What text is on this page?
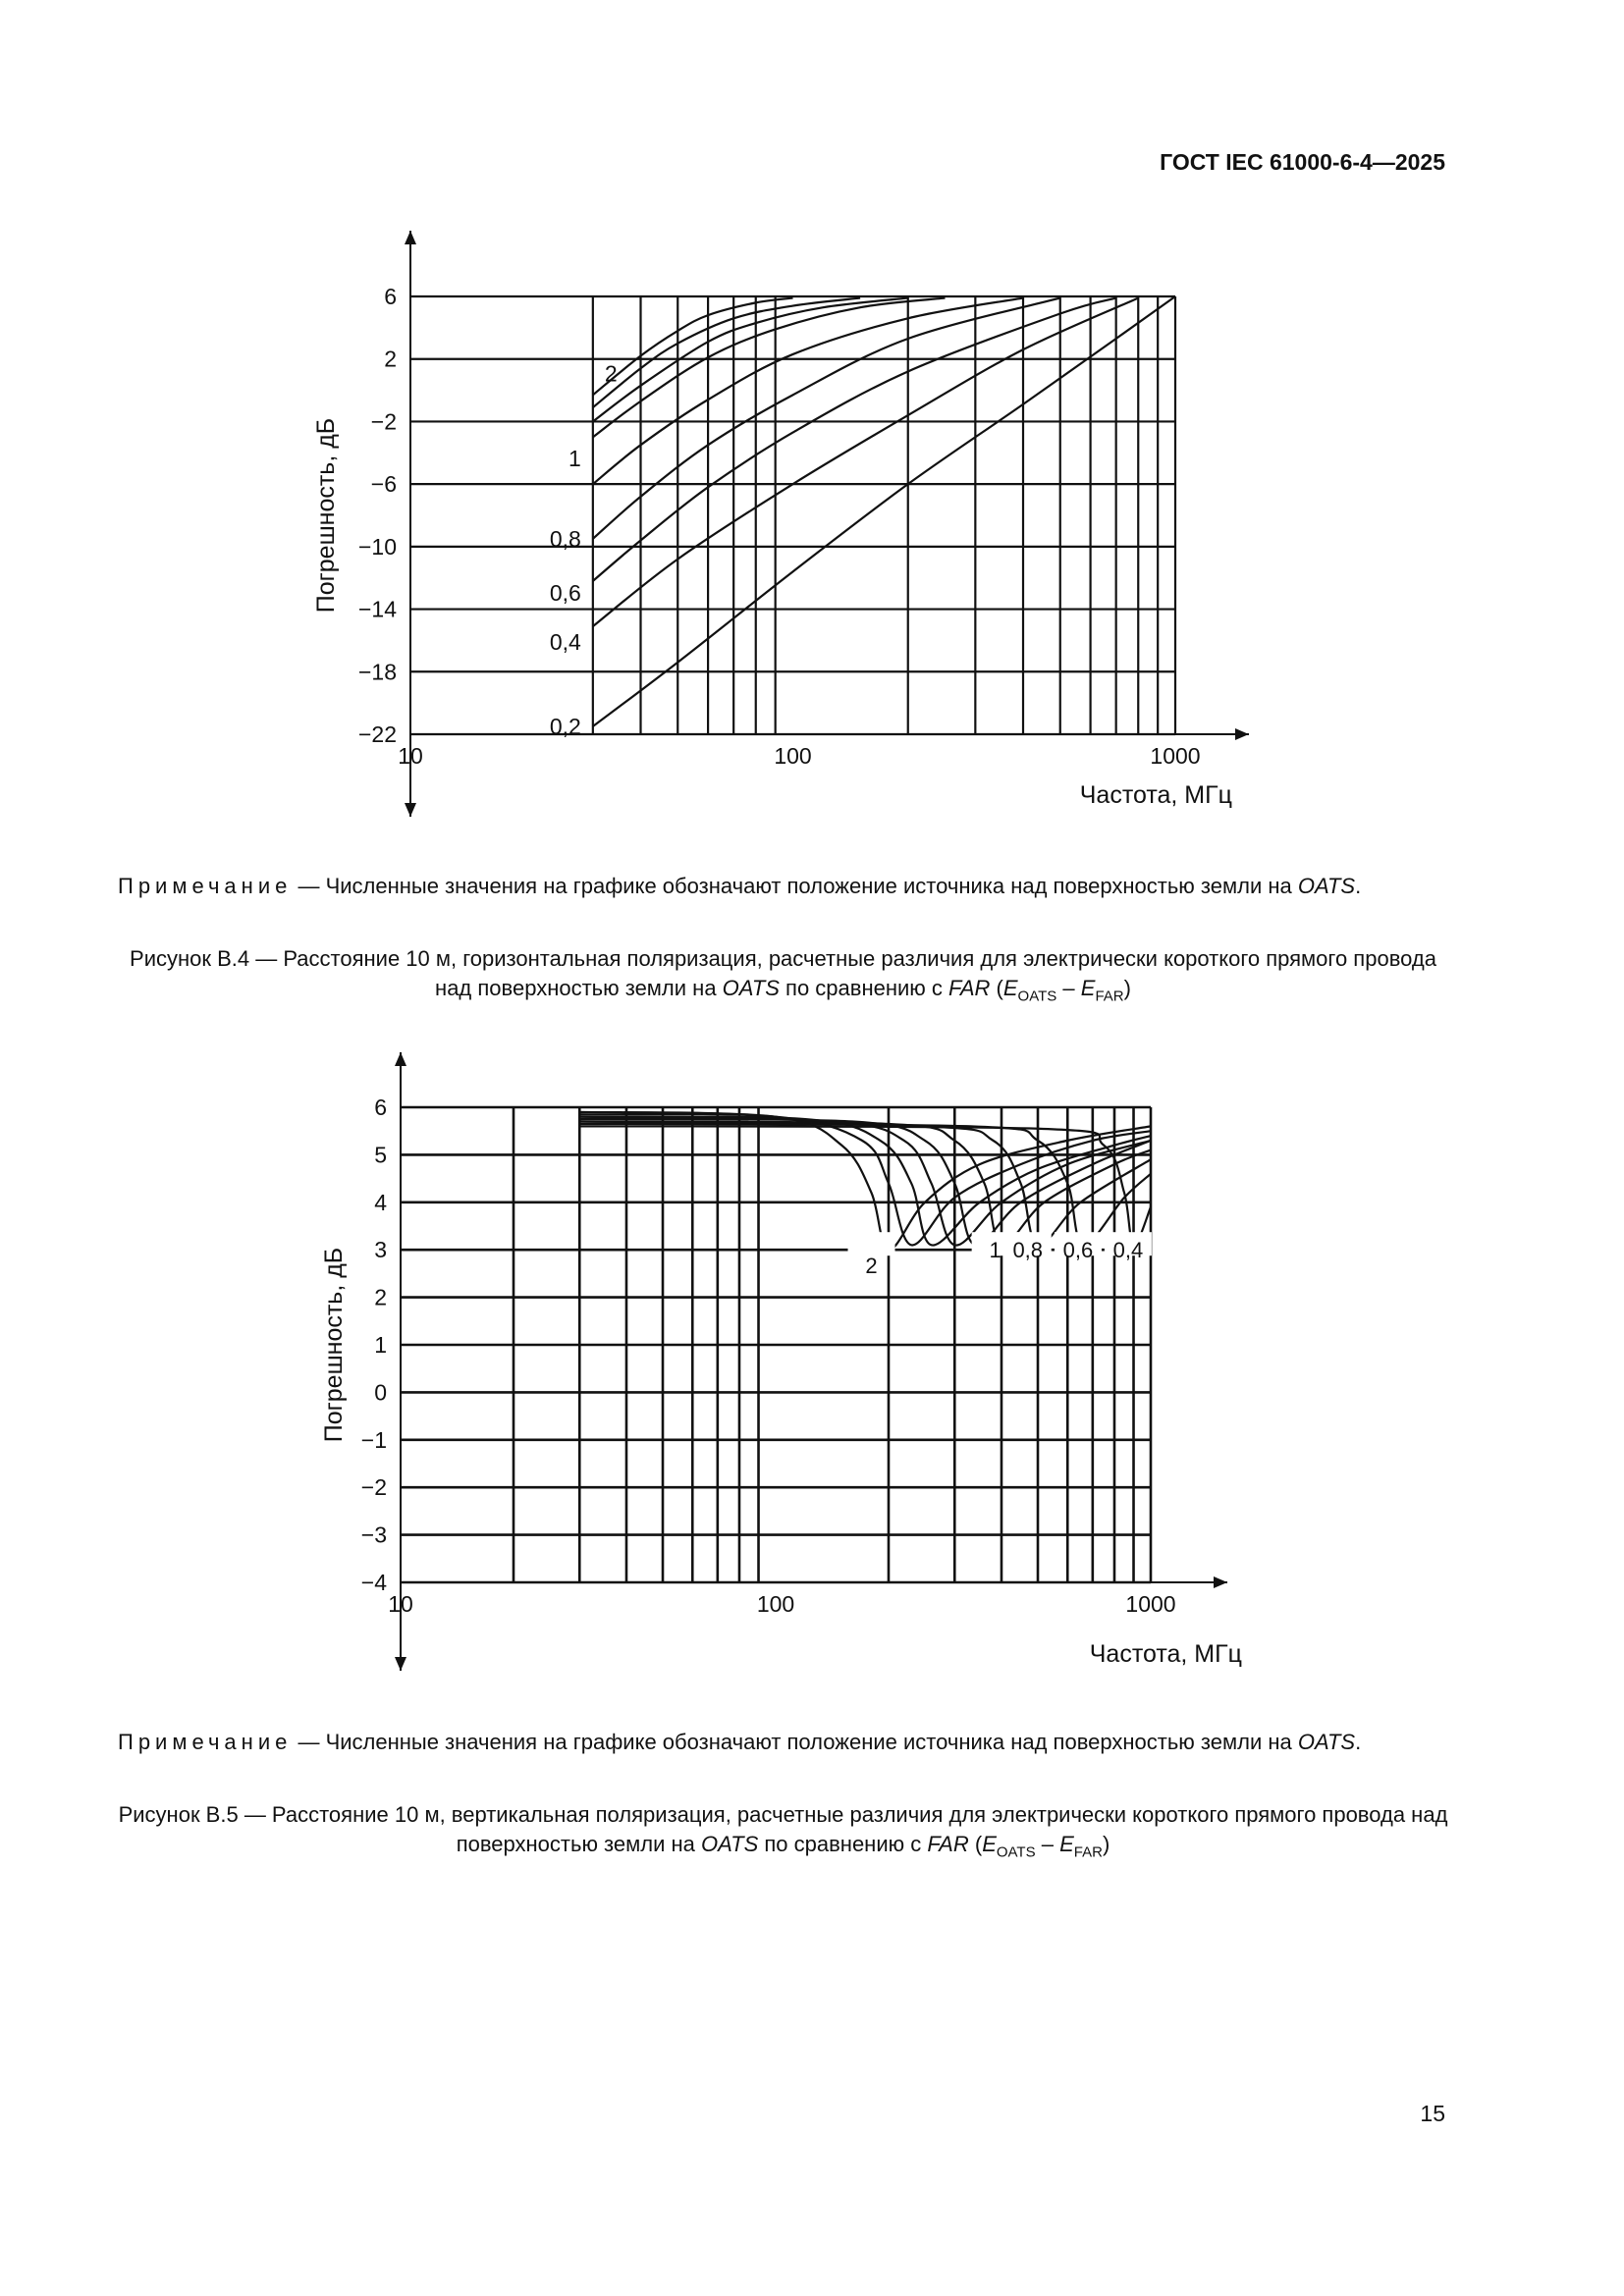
ГОСТ IEC 61000-6-4—2025
6
2
−2
−6
−10
−14
−18
−22
10	100	1000
Частота, МГц
Погрешность, дБ
2
1
0,8
0,6
0,4
0,2
Примечание — Численные значения на графике обозначают положение источника над поверхностью земли на OATS.
Рисунок В.4 — Расстояние 10 м, горизонтальная поляризация, расчетные различия для электрически короткого прямого провода над поверхностью земли на OATS по сравнению с FAR $(E_{OATS} - E_{FAR})$
6
5
4
3
2
1
0
−1
−2
−3
−4
10	100	1000
Частота, МГц
Погрешность, дБ	2
1 0,8 0,6 0,4
Примечание — Численные значения на графике обозначают положение источника над поверхностью земли на OATS.
Рисунок В.5 — Расстояние 10 м, вертикальная поляризация, расчетные различия для электрически короткого прямого провода над поверхностью земли на OATS по сравнению с FAR $(E_{OATS} - E_{FAR})$
15
